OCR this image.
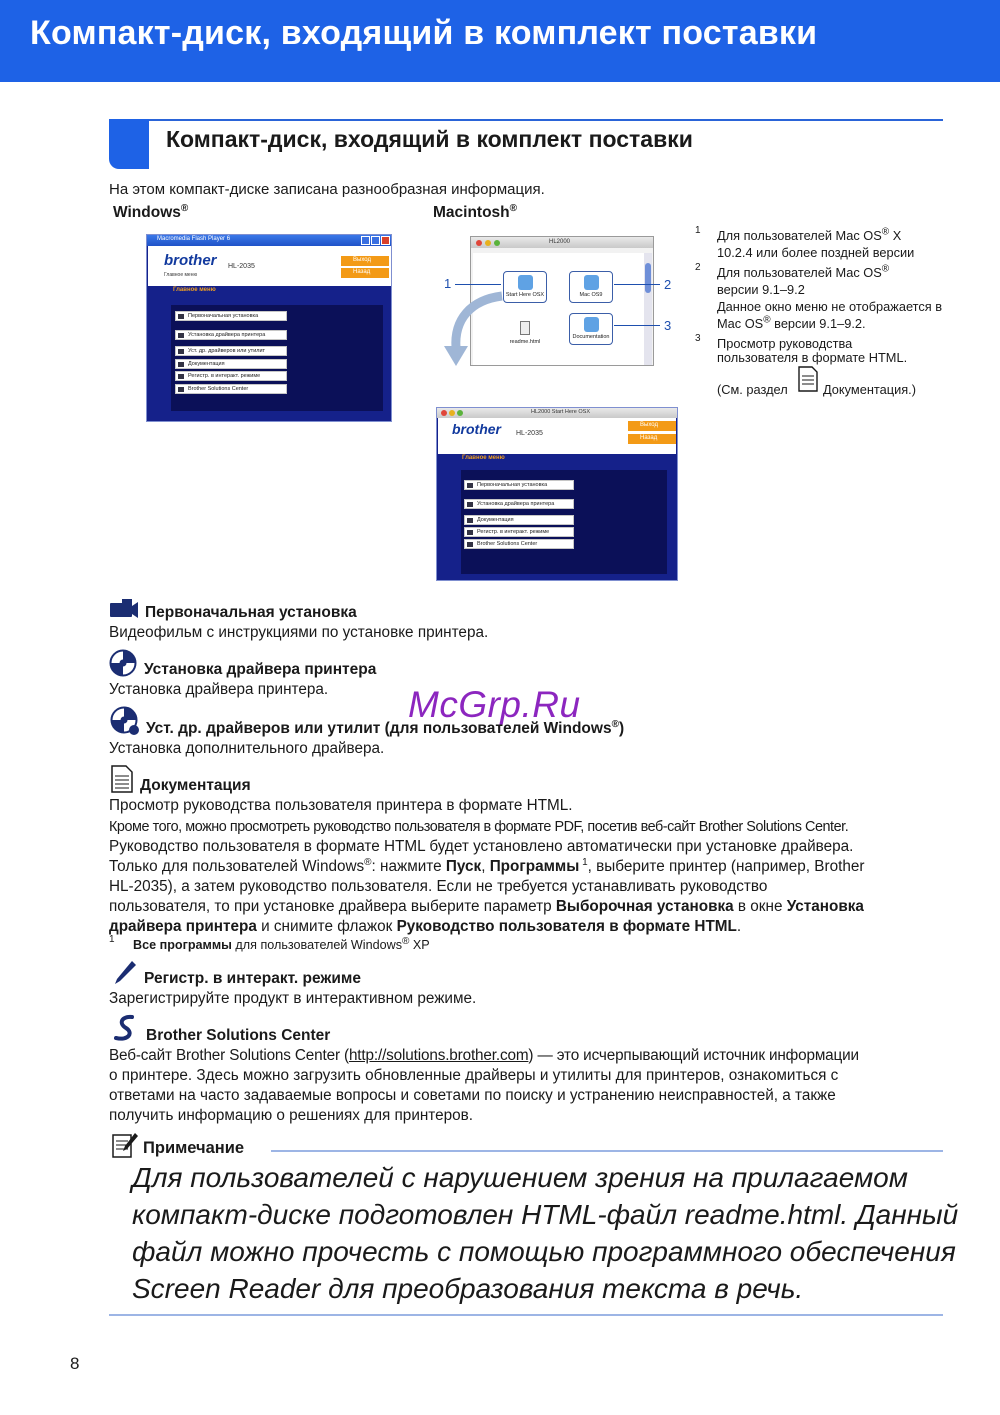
Компакт-диск, входящий в комплект поставки
Компакт-диск, входящий в комплект поставки
На этом компакт-диске записана разнообразная информация.
Windows®	Macintosh®
Macromedia Flash Player 6
brother HL-2035
Главное меню
Выход
Назад
Главное меню
Первоначальная установка
Установка драйвера принтера
Уст. др. драйверов или утилит
Документация
Регистр. в интеракт. режиме
Brother Solutions Center
HL2000
Start Here OSX	Mac OS9
readme.html
Documentation
1	2
3
HL2000 Start Here OSX
brother HL-2035
Выход
Назад
Главное меню
Первоначальная установка
Установка драйвера принтера
Документация
Регистр. в интеракт. режиме
Brother Solutions Center
1 Для пользователей Mac OS® X
10.2.4 или более поздней версии
2 Для пользователей Mac OS®
версии 9.1–9.2
Данное окно меню не отображается в
Mac OS® версии 9.1–9.2.
3 Просмотр руководства
пользователя в формате HTML.
(См. раздел	Документация.)
Первоначальная установка
Видеофильм с инструкциями по установке принтера.
Установка драйвера принтера
Установка драйвера принтера.
Уст. др. драйверов или утилит (для пользователей Windows®)
Установка дополнительного драйвера.
Документация
Просмотр руководства пользователя принтера в формате HTML.
Кроме того, можно просмотреть руководство пользователя в формате PDF, посетив веб-сайт Brother Solutions Center.
Руководство пользователя в формате HTML будет установлено автоматически при установке драйвера.
Только для пользователей Windows®: нажмите Пуск, Программы $^1$, выберите принтер (например, Brother
HL-2035), а затем руководство пользователя. Если не требуется устанавливать руководство
пользователя, то при установке драйвера выберите параметр Выборочная установка в окне Установка
драйвера принтера и снимите флажок Руководство пользователя в формате HTML.
1 Все программы для пользователей Windows® XP
Регистр. в интеракт. режиме
Зарегистрируйте продукт в интерактивном режиме.
Brother Solutions Center
Веб-сайт Brother Solutions Center (http://solutions.brother.com) — это исчерпывающий источник информации
о принтере. Здесь можно загрузить обновленные драйверы и утилиты для принтеров, ознакомиться с
ответами на часто задаваемые вопросы и советами по поиску и устранению неисправностей, а также
получить информацию о решениях для принтеров.
Примечание
Для пользователей с нарушением зрения на прилагаемом
компакт-диске подготовлен HTML-файл readme.html. Данный
файл можно прочесть с помощью программного обеспечения
Screen Reader для преобразования текста в речь.
McGrp.Ru
8
